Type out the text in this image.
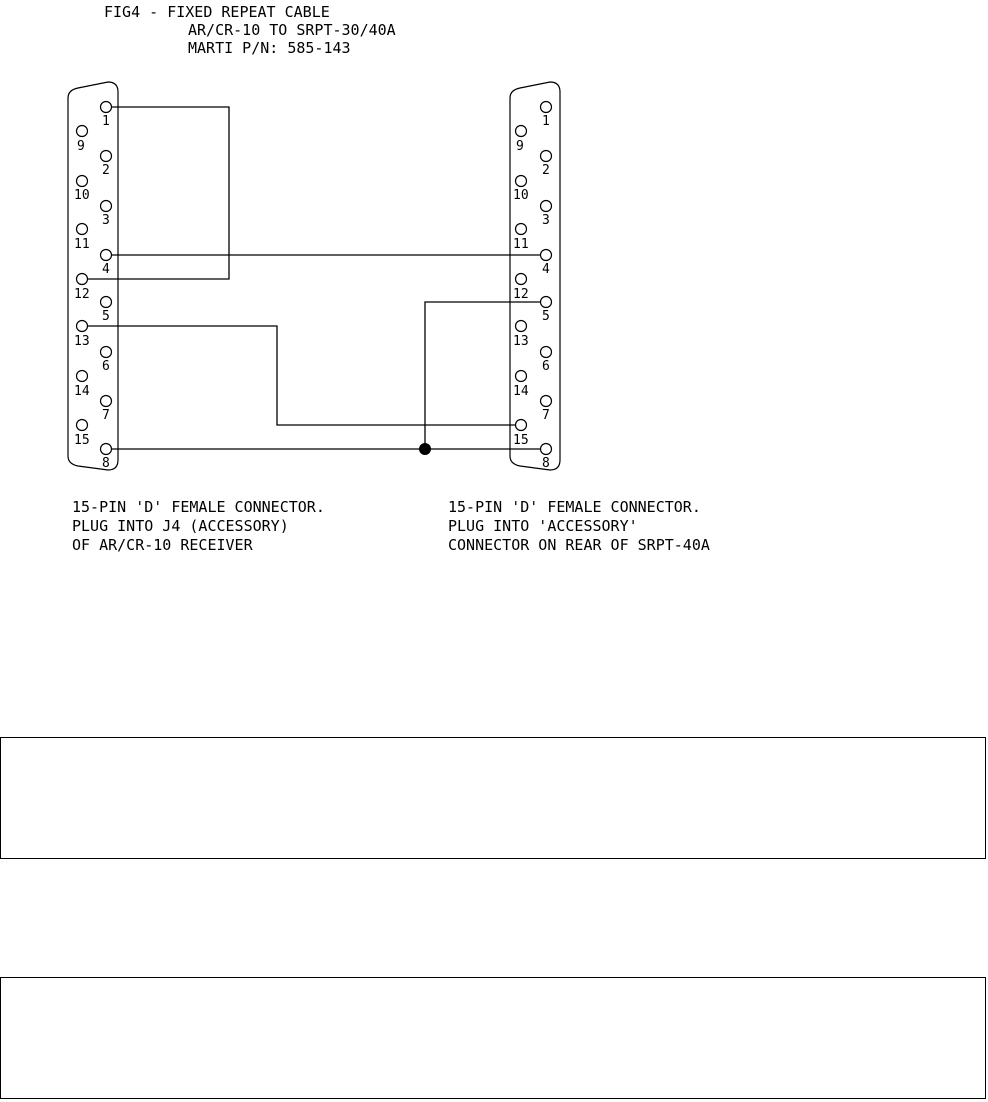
FIG4 - FIXED REPEAT CABLE
AR/CR-10 TO SRPT-30/40A
MARTI P/N: 585-143
1
2
3
4
5
6
7
8
9
10
11
12
13
14
15
1
2
3
4
5
6
7
8
9
10
11
12
13
14
15
15-PIN 'D' FEMALE CONNECTOR.
PLUG INTO J4 (ACCESSORY)
OF AR/CR-10 RECEIVER
15-PIN 'D' FEMALE CONNECTOR.
PLUG INTO 'ACCESSORY'
CONNECTOR ON REAR OF SRPT-40A
